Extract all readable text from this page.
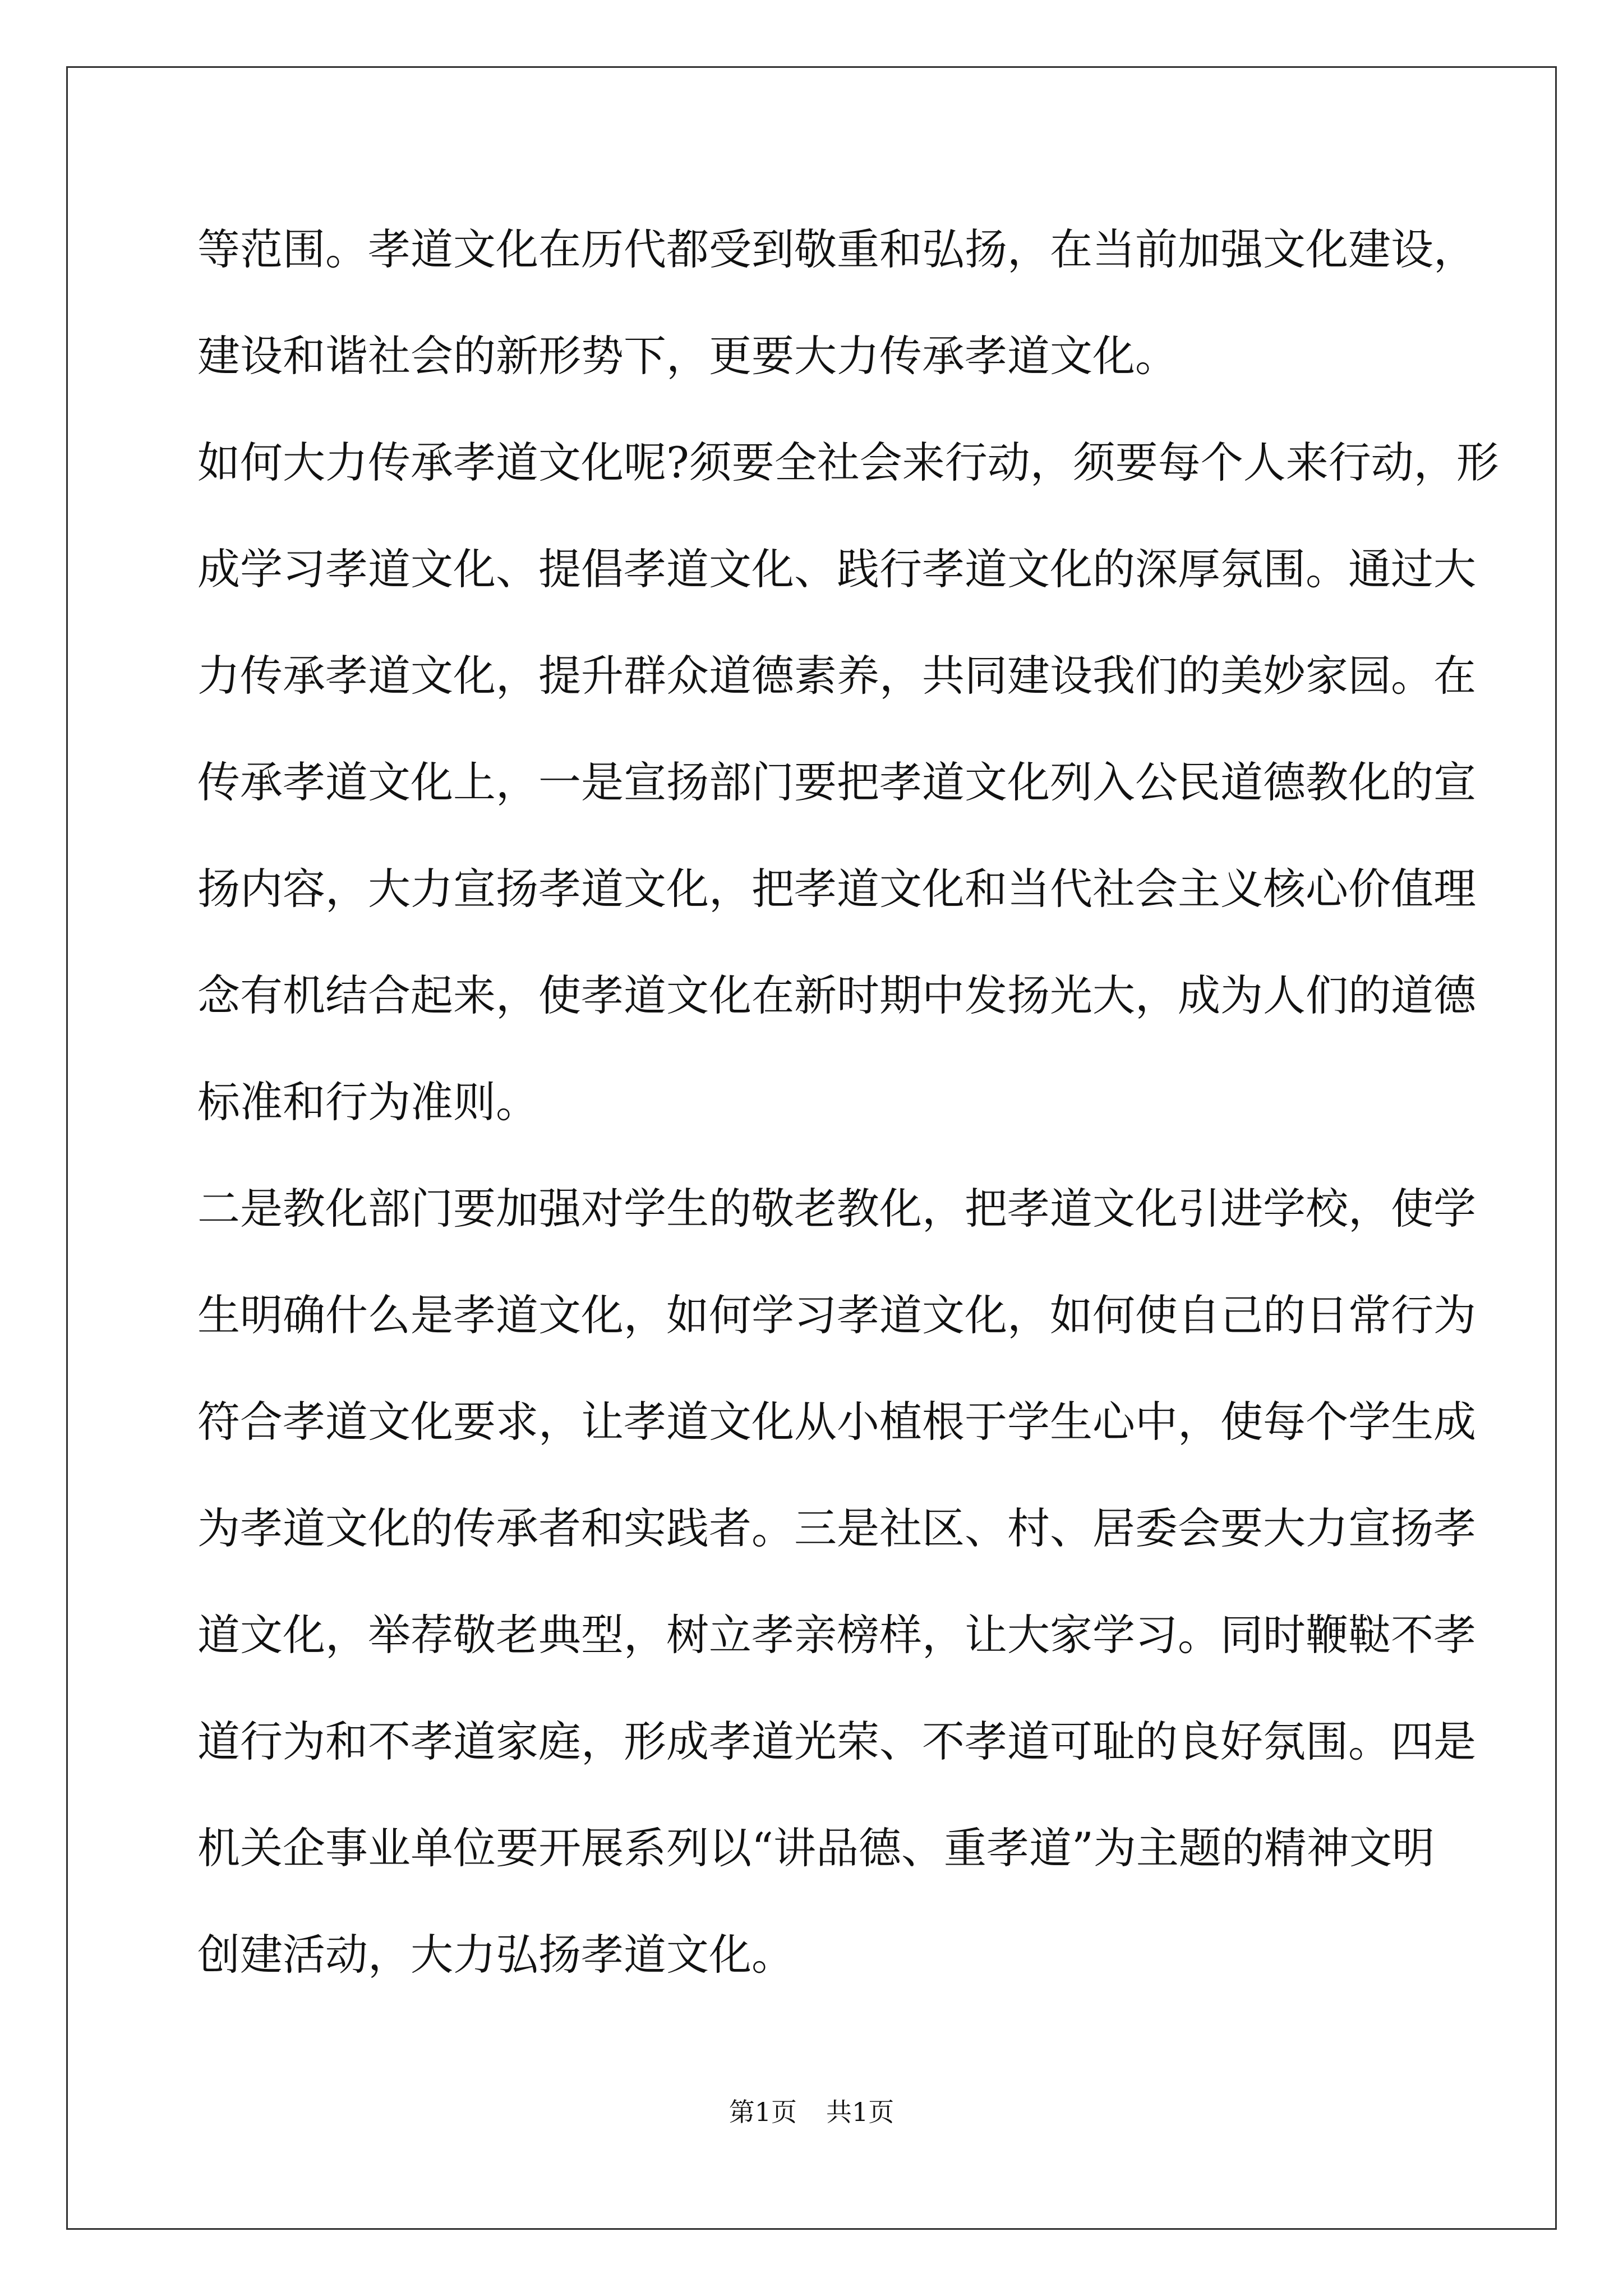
等范围。孝道文化在历代都受到敬重和弘扬，在当前加强文化建设，
建设和谐社会的新形势下，更要大力传承孝道文化。
如何大力传承孝道文化呢?须要全社会来行动，须要每个人来行动，形
成学习孝道文化、提倡孝道文化、践行孝道文化的深厚氛围。通过大
力传承孝道文化，提升群众道德素养，共同建设我们的美妙家园。在
传承孝道文化上，一是宣扬部门要把孝道文化列入公民道德教化的宣
扬内容，大力宣扬孝道文化，把孝道文化和当代社会主义核心价值理
念有机结合起来，使孝道文化在新时期中发扬光大，成为人们的道德
标准和行为准则。
二是教化部门要加强对学生的敬老教化，把孝道文化引进学校，使学
生明确什么是孝道文化，如何学习孝道文化，如何使自己的日常行为
符合孝道文化要求，让孝道文化从小植根于学生心中，使每个学生成
为孝道文化的传承者和实践者。三是社区、村、居委会要大力宣扬孝
道文化，举荐敬老典型，树立孝亲榜样，让大家学习。同时鞭鞑不孝
道行为和不孝道家庭，形成孝道光荣、不孝道可耻的良好氛围。四是
机关企事业单位要开展系列以“讲品德、重孝道”为主题的精神文明
创建活动，大力弘扬孝道文化。
第1页 共1页
